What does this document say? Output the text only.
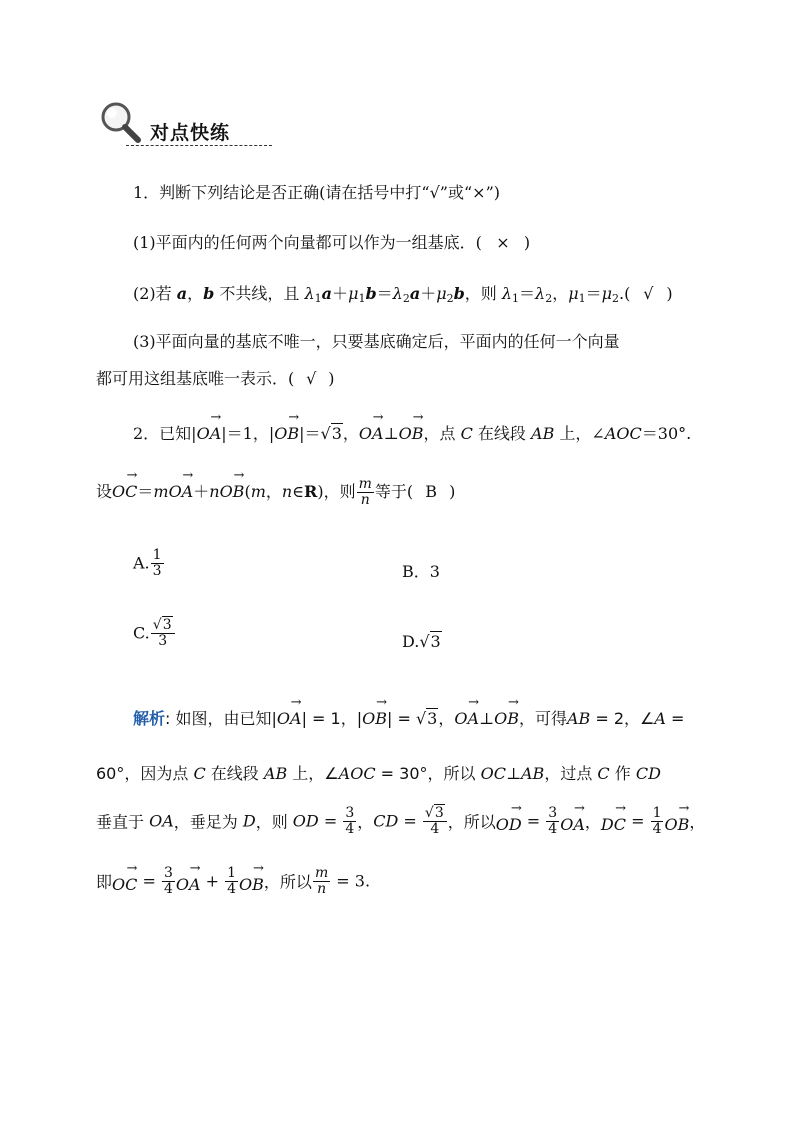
对点快练
1．判断下列结论是否正确(请在括号中打“√”或“×”)
(1)平面内的任何两个向量都可以作为一组基底．( × )
(2)若 a，b 不共线，且 $\lambda_1a+\mu_1b=\lambda_2a+\mu_2b$，则 $\lambda_1=\lambda_2$，$\mu_1=\mu_2$.( √ )
(3)平面向量的基底不唯一，只要基底确定后，平面内的任何一个向量
都可用这组基底唯一表示．( √ )
2．已知|→ OA|＝1，|→ OB|＝√3，→ OA⊥→ OB，点 C 在线段 AB 上，∠AOC＝30°.
设→ OC＝m→ OA＋n→ OB(m，n∈R)，则 $\frac{m}{n}$ 等于( B )
A. $\frac{1}{3}$	B．3
C. $\frac{√3}{3}$	D.√3
解析: 如图，由已知|→ OA| = 1，|→ OB| = √3，→ OA⊥→ OB，可得AB = 2，∠A =
60°，因为点 C 在线段 AB 上，∠AOC = 30°，所以 OC⊥AB，过点 C 作 CD
垂直于 OA，垂足为 D，则 OD = $\frac{3}{4}$ ，CD = $\frac{√3}{4}$ ，所以→ OD = $\frac{3}{4}$ → OA，→ DC = $\frac{1}{4}$ → OB，
即→ OC = $\frac{3}{4}$ → OA + $\frac{1}{4}$ → OB，所以 $\frac{m}{n} = 3$.
